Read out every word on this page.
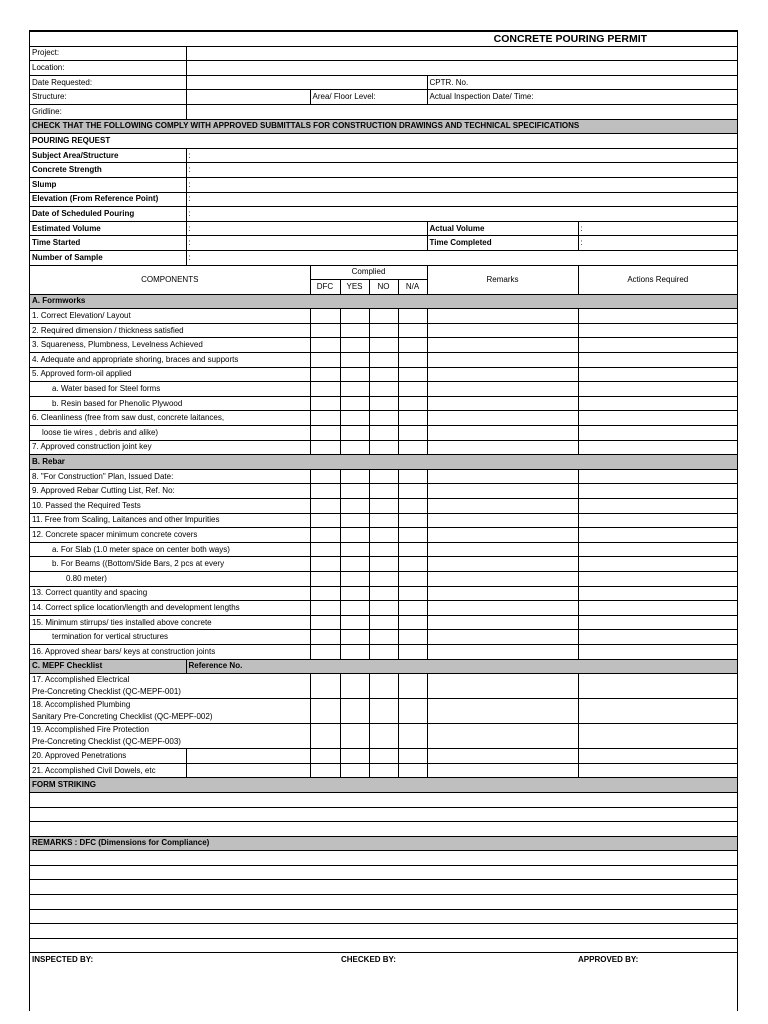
CONCRETE POURING PERMIT							
Project:							
Location:							
Date Requested:						CPTR. No.	
Structure:		Area/ Floor Level:				Actual Inspection Date/ Time:	
Gridline:							
CHECK THAT THE FOLLOWING COMPLY WITH APPROVED SUBMITTALS FOR CONSTRUCTION DRAWINGS AND TECHNICAL SPECIFICATIONS							
POURING REQUEST							
Subject Area/Structure	:						
Concrete Strength	:						
Slump	:						
Elevation (From Reference Point)	:						
Date of Scheduled Pouring	:						
Estimated Volume	:					Actual Volume	:
Time Started	:					Time Completed	:
Number of Sample	:						
COMPONENTS		Complied				Remarks	Actions Required
		DFC	YES	NO	N/A		
A. Formworks							
1. Correct Elevation/ Layout							
2. Required dimension / thickness satisfied							
3. Squareness, Plumbness, Levelness Achieved							
4. Adequate and appropriate shoring, braces and supports							
5. Approved form-oil applied							
a. Water based for Steel forms							
b. Resin based for Phenolic Plywood							
6. Cleanliness (free from saw dust, concrete laitances,							
loose tie wires , debris and alike)							
7. Approved construction joint key							
B. Rebar							
8. "For Construction" Plan, Issued Date:							
9. Approved Rebar Cutting List, Ref. No:							
10. Passed the Required Tests							
11. Free from Scaling, Laitances and other Impurities							
12. Concrete spacer minimum concrete covers							
a. For Slab (1.0 meter space on center both ways)							
b. For Beams ((Bottom/Side Bars, 2 pcs at every							
0.80 meter)							
13. Correct quantity and spacing							
14. Correct splice location/length and development lengths							
15. Minimum stirrups/ ties installed above concrete							
termination for vertical structures							
16. Approved shear bars/ keys at construction joints							
C. MEPF Checklist	Reference No.						

17. Accomplished Electrical
Pre-Concreting Checklist (QC-MEPF-001)							

18. Accomplished Plumbing
Sanitary Pre-Concreting Checklist (QC-MEPF-002)							

19. Accomplished Fire Protection
Pre-Concreting Checklist (QC-MEPF-003)							

20. Approved Penetrations							
21. Accomplished Civil Dowels, etc							
FORM STRIKING							

REMARKS : DFC (Dimensions for Compliance)							

INSPECTED BY:		CHECKED BY:					APPROVED BY:
